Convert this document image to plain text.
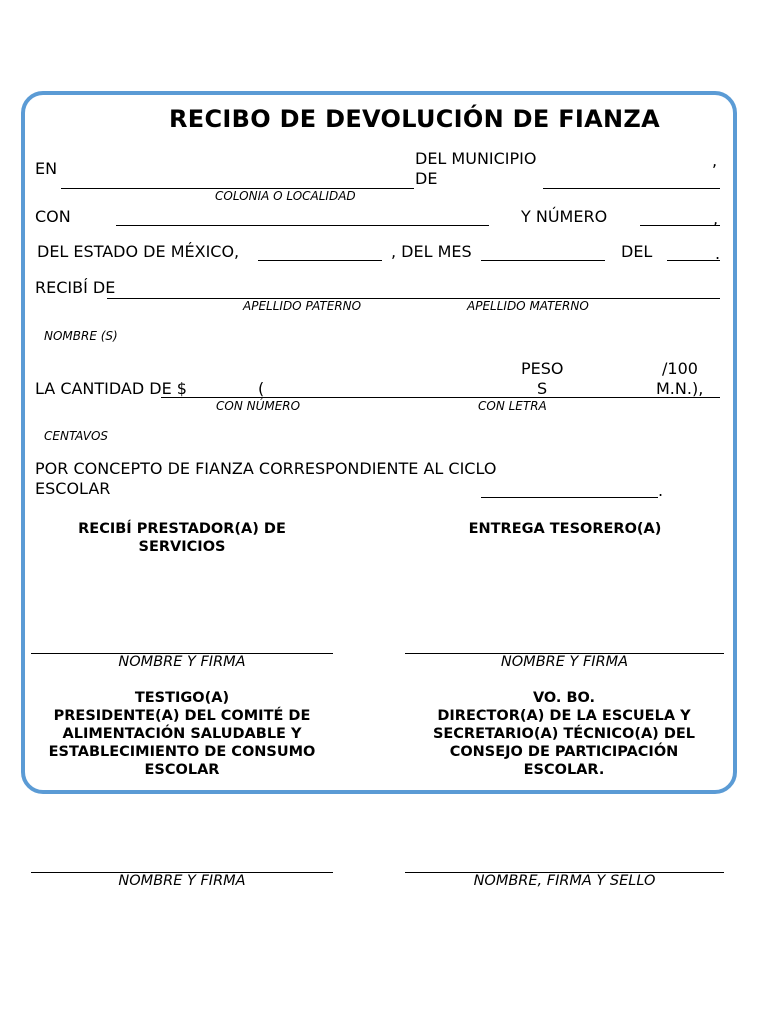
RECIBO DE DEVOLUCIÓN DE FIANZA
EN
COLONIA O LOCALIDAD
DEL MUNICIPIO
DE
,
CON	Y NÚMERO	,
DEL ESTADO DE MÉXICO,	, DEL MES	DEL	.
RECIBÍ DE
APELLIDO PATERNO	APELLIDO MATERNO
NOMBRE (S)
LA CANTIDAD DE $	(
PESO
S
/100
M.N.),
CON NÚMERO	CON LETRA
CENTAVOS
POR CONCEPTO DE FIANZA CORRESPONDIENTE AL CICLO
ESCOLAR	.
RECIBÍ PRESTADOR(A) DE SERVICIOS
ENTREGA TESORERO(A)
NOMBRE Y FIRMA	NOMBRE Y FIRMA
TESTIGO(A)
PRESIDENTE(A) DEL COMITÉ DE ALIMENTACIÓN SALUDABLE Y ESTABLECIMIENTO DE CONSUMO ESCOLAR
VO. BO.
DIRECTOR(A) DE LA ESCUELA Y SECRETARIO(A) TÉCNICO(A) DEL CONSEJO DE PARTICIPACIÓN ESCOLAR.
NOMBRE Y FIRMA	NOMBRE, FIRMA Y SELLO
